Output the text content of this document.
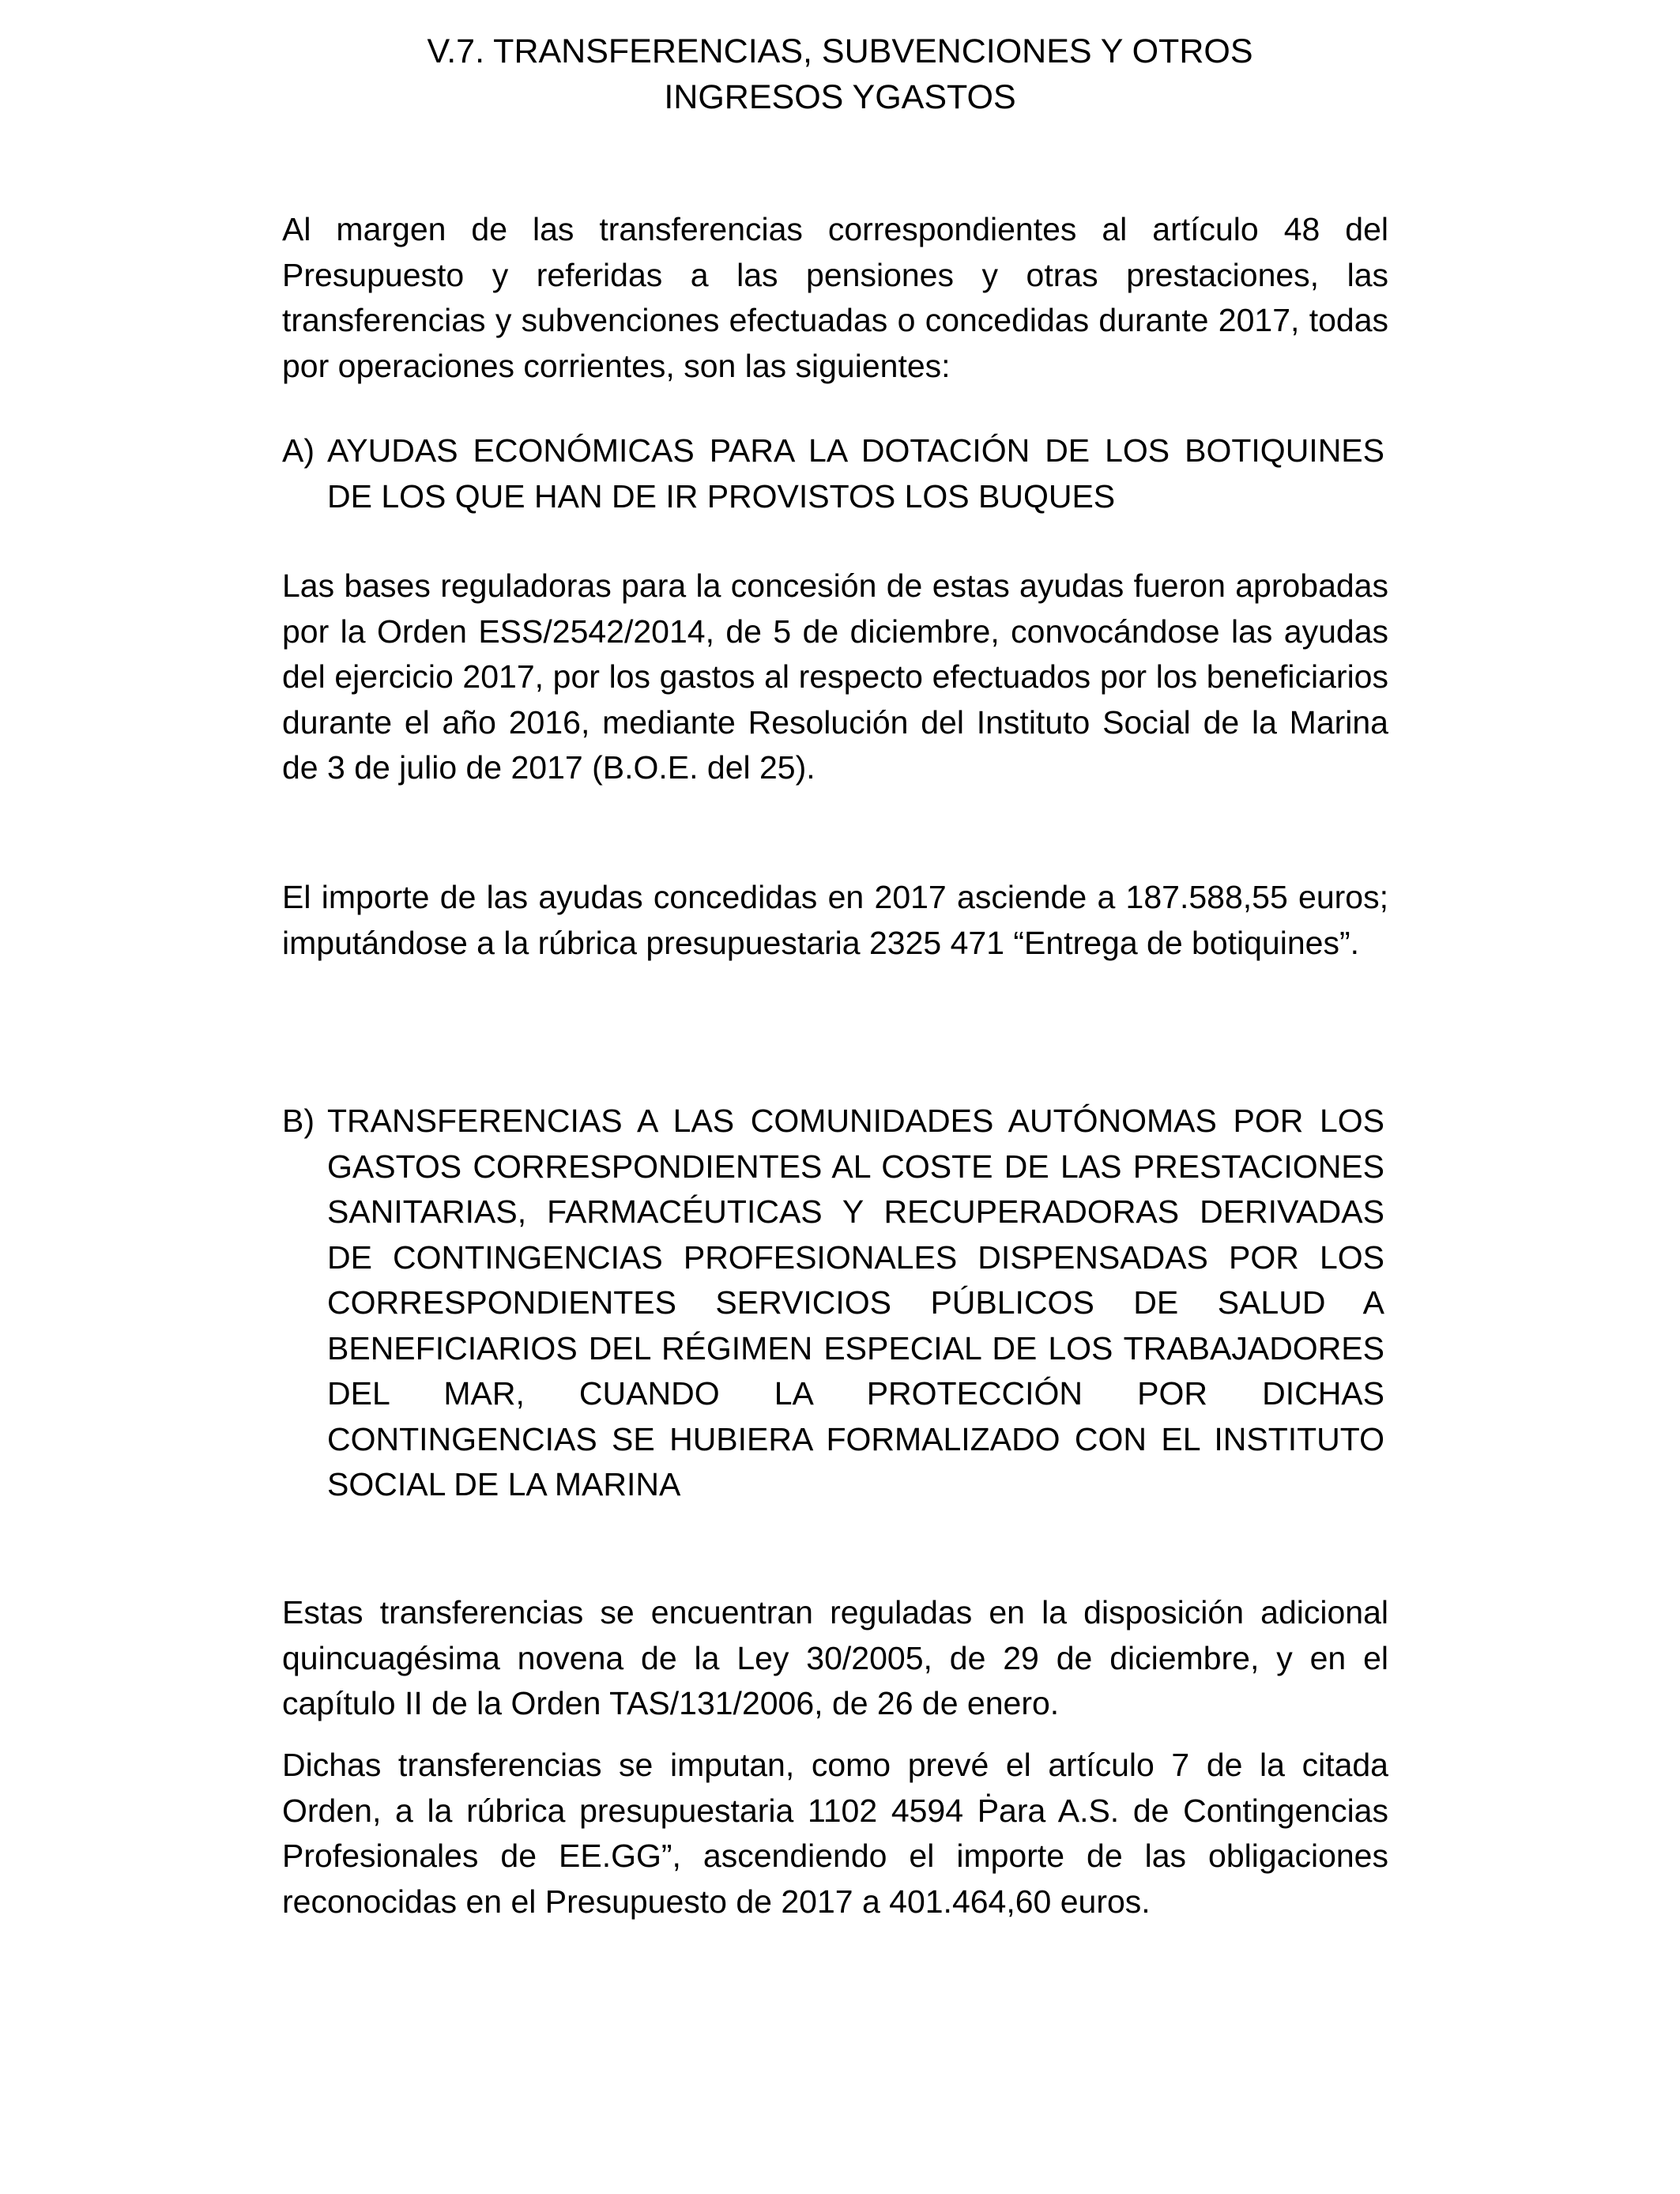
V.7. TRANSFERENCIAS, SUBVENCIONES Y OTROS
INGRESOS YGASTOS

Al margen de las transferencias correspondientes al artículo 48 del Presupuesto y referidas a las pensiones y otras prestaciones, las transferencias y subvenciones efectuadas o concedidas durante 2017, todas por operaciones corrientes, son las siguientes:

A) AYUDAS ECONÓMICAS PARA LA DOTACIÓN DE LOS BOTIQUINES DE LOS QUE HAN DE IR PROVISTOS LOS BUQUES

Las bases reguladoras para la concesión de estas ayudas fueron aprobadas por la Orden ESS/2542/2014, de 5 de diciembre, convocándose las ayudas del ejercicio 2017, por los gastos al respecto efectuados por los beneficiarios durante el año 2016, mediante Resolución del Instituto Social de la Marina de 3 de julio de 2017 (B.O.E. del 25).

El importe de las ayudas concedidas en 2017 asciende a 187.588,55 euros; imputándose a la rúbrica presupuestaria 2325 471 “Entrega de botiquines”.

B) TRANSFERENCIAS A LAS COMUNIDADES AUTÓNOMAS POR LOS GASTOS CORRESPONDIENTES AL COSTE DE LAS PRESTACIONES SANITARIAS, FARMACÉUTICAS Y RECUPERADORAS DERIVADAS DE CONTINGENCIAS PROFESIONALES DISPENSADAS POR LOS CORRESPONDIENTES SERVICIOS PÚBLICOS DE SALUD A BENEFICIARIOS DEL RÉGIMEN ESPECIAL DE LOS TRABAJADORES DEL MAR, CUANDO LA PROTECCIÓN POR DICHAS CONTINGENCIAS SE HUBIERA FORMALIZADO CON EL INSTITUTO SOCIAL DE LA MARINA

Estas transferencias se encuentran reguladas en la disposición adicional quincuagésima novena de la Ley 30/2005, de 29 de diciembre, y en el capítulo II de la Orden TAS/131/2006, de 26 de enero.

Dichas transferencias se imputan, como prevé el artículo 7 de la citada Orden, a la rúbrica presupuestaria 1102 4594 Ṗara A.S. de Contingencias Profesionales de EE.GG”, ascendiendo el importe de las obligaciones reconocidas en el Presupuesto de 2017 a 401.464,60 euros.
